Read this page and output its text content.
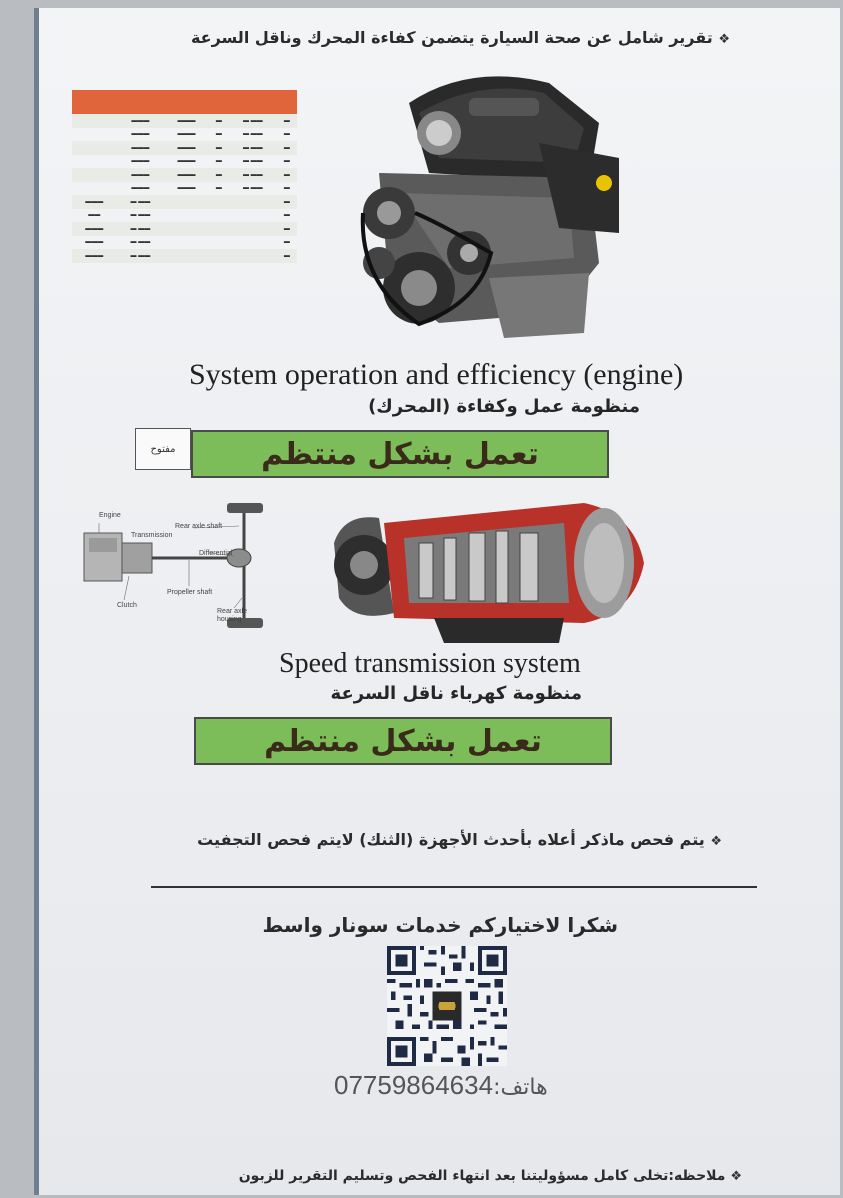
❖ تقرير شامل عن صحة السيارة يتضمن كفاءة المحرك وناقل السرعة

	▬▬▬	▬▬▬	▬	▬ ▬▬	▬
	▬▬▬	▬▬▬	▬	▬ ▬▬	▬
	▬▬▬	▬▬▬	▬	▬ ▬▬	▬
	▬▬▬	▬▬▬	▬	▬ ▬▬	▬
	▬▬▬	▬▬▬	▬	▬ ▬▬	▬
	▬▬▬	▬▬▬	▬	▬ ▬▬	▬
▬▬▬	▬ ▬▬				▬
▬▬	▬ ▬▬				▬
▬▬▬	▬ ▬▬				▬
▬▬▬	▬ ▬▬				▬
▬▬▬	▬ ▬▬				▬
System operation and efficiency (engine)
منظومة عمل وكفاءة (المحرك)
مفتوح	تعمل بشكل منتظم
Engine
Transmission
Rear axle shaft
Differential
Propeller shaft
Clutch
Rear axle housing
Speed transmission system
منظومة كهرباء ناقل السرعة
تعمل بشكل منتظم
❖ يتم فحص ماذكر أعلاه بأحدث الأجهزة (الثنك) لايتم فحص التجفيت
شكرا لاختياركم خدمات سونار واسط
07759864634هاتف:
❖ ملاحظه:تخلى كامل مسؤوليتنا بعد انتهاء الفحص وتسليم التقرير للزبون
